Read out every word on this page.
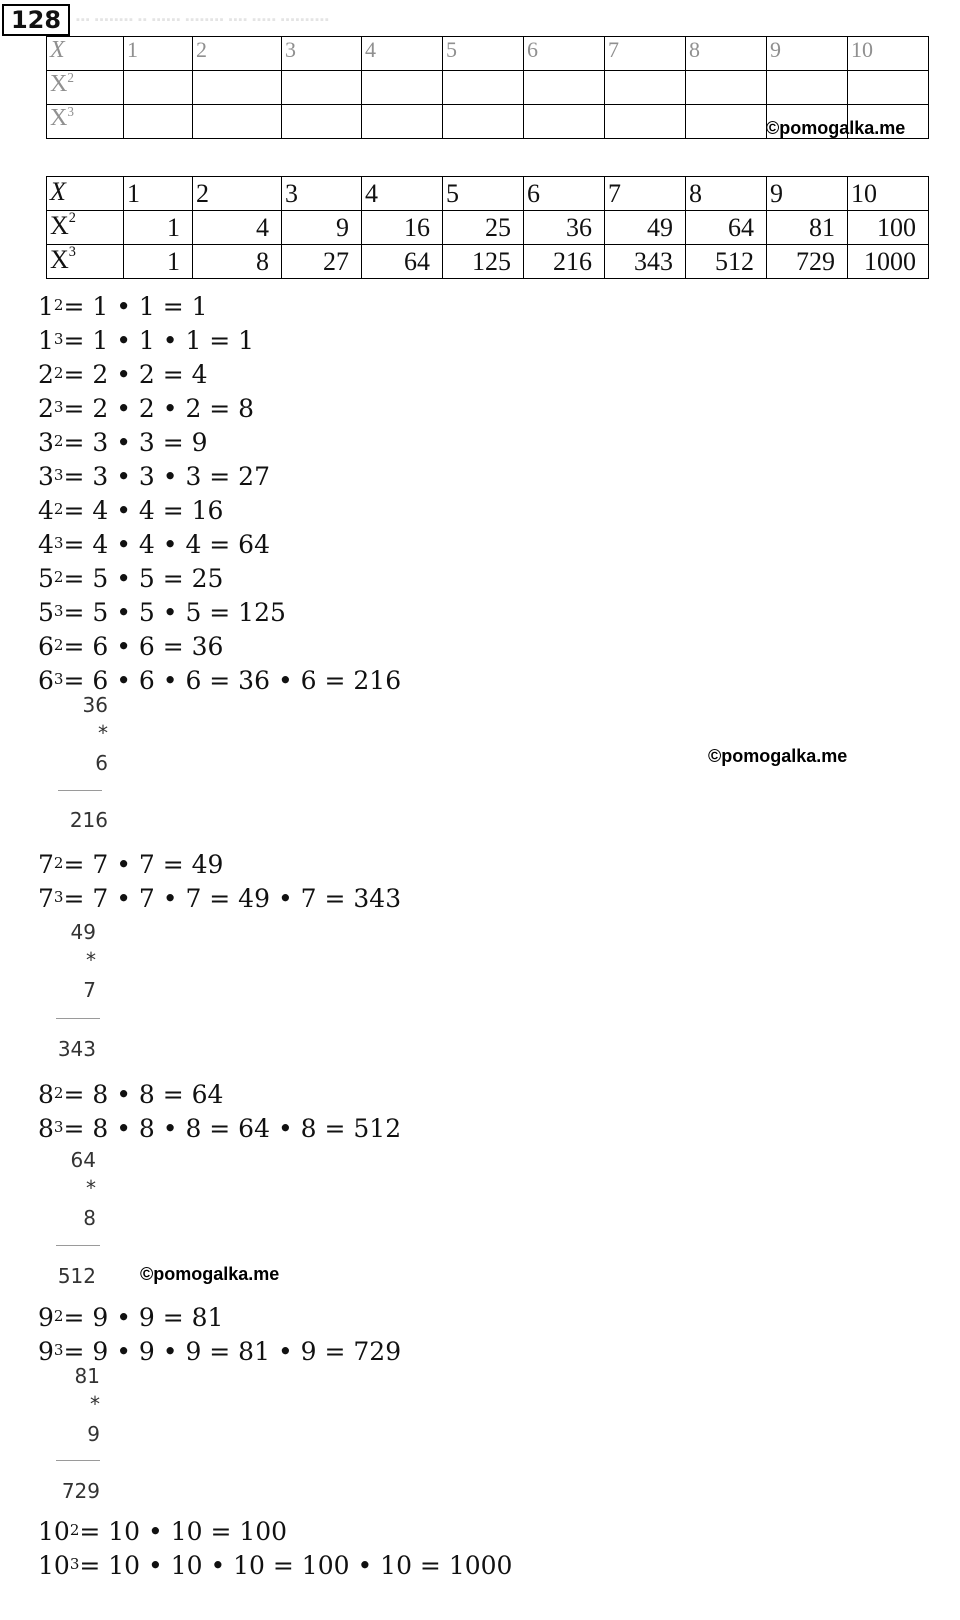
128	▪▪▪ ▪▪▪▪▪▪▪▪ ▪▪ ▪▪▪▪▪▪ ▪▪▪▪▪▪▪▪ ▪▪▪▪ ▪▪▪▪▪ ▪▪▪▪▪▪▪▪▪▪
X	1	2	3	4	5	6	7	8	9	10
$X^2$										
$X^3$										
©pomogalka.me
X	1	2	3	4	5	6	7	8	9	10
$X^2$	1	4	9	16	25	36	49	64	81	100
$X^3$	1	8	27	64	125	216	343	512	729	1000
$1^2= 1$ • 1 = 1
$1^3= 1$ • 1 • 1 = 1
$2^2= 2$ • 2 = 4
$2^3= 2$ • 2 • 2 = 8
$3^2= 3$ • 3 = 9
$3^3= 3$ • 3 • 3 = 27
$4^2= 4$ • 4 = 16
$4^3= 4$ • 4 • 4 = 64
$5^2= 5$ • 5 = 25
$5^3= 5$ • 5 • 5 = 125
$6^2= 6$ • 6 = 36
$6^3= 6$ • 6 • 6 = 36 • 6 = 216
36
*
6
216
©pomogalka.me
$7^2= 7$ • 7 = 49
$7^3= 7$ • 7 • 7 = 49 • 7 = 343
49
*
7
343
$8^2= 8$ • 8 = 64
$8^3= 8$ • 8 • 8 = 64 • 8 = 512
64
*
8
512 ©pomogalka.me
$9^2= 9$ • 9 = 81
$9^3= 9$ • 9 • 9 = 81 • 9 = 729
81
*
9
729
$10^2= 10$ • 10 = 100
$10^3= 10$ • 10 • 10 = 100 • 10 = 1000
